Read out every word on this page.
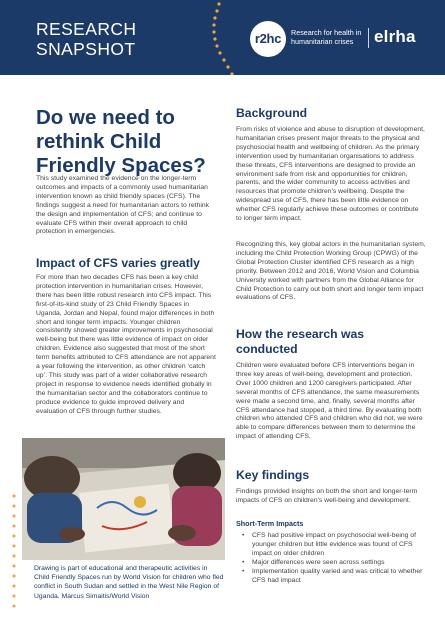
RESEARCH
SNAPSHOT
r2hc	Research for health in humanitarian crises	elrha
Do we need to rethink Child Friendly Spaces?

This study examined the evidence on the longer-term outcomes and impacts of a commonly used humanitarian intervention known as child friendly spaces (CFS). The findings suggest a need for humanitarian actors to rethink the design and implementation of CFS; and continue to evaluate CFS within their overall approach to child protection in emergencies.

Impact of CFS varies greatly

For more than two decades CFS has been a key child protection intervention in humanitarian crises. However, there has been little robust research into CFS impact. This first-of-its-kind study of 23 Child Friendly Spaces in Uganda, Jordan and Nepal, found major differences in both short and longer term impacts. Younger children consistently showed greater improvements in psychosocial well-being but there was little evidence of impact on older children. Evidence also suggested that most of the short term benefits attributed to CFS attendance are not apparent a year following the intervention, as other children ‘catch up’. This study was part of a wider collaborative research project in response to evidence needs identified globally in the humanitarian sector and the collaborators continue to produce evidence to guide improved delivery and evaluation of CFS through further studies.

Drawing is part of educational and therapeutic activities in Child Friendly Spaces run by World Vision for children who fled conflict in South Sudan and settled in the West Nile Region of Uganda. Marcus Simaitis/World Vision

Background

From risks of violence and abuse to disruption of development, humanitarian crises present major threats to the physical and psychosocial health and wellbeing of children. As the primary intervention used by humanitarian organisations to address these threats, CFS interventions are designed to provide an environment safe from risk and opportunities for children, parents, and the wider community to access activities and resources that promote children's wellbeing. Despite the widespread use of CFS, there has been little evidence on whether CFS regularly achieve these outcomes or contribute to longer term impact.

Recognizing this, key global actors in the humanitarian system, including the Child Protection Working Group (CPWG) of the Global Protection Cluster identified CFS research as a high priority. Between 2012 and 2016, World Vision and Columbia University worked with partners from the Global Alliance for Child Protection to carry out both short and longer term impact evaluations of CFS.

How the research was conducted

Children were evaluated before CFS interventions began in three key areas of well-being, development and protection. Over 1000 children and 1200 caregivers participated. After several months of CFS attendance, the same measurements were made a second time, and, finally, several months after CFS attendance had stopped, a third time. By evaluating both children who attended CFS and children who did not, we were able to compare differences between them to determine the impact of attending CFS.

Key findings

Findings provided insights on both the short and longer-term impacts of CFS on children's well-being and development.

Short-Term Impacts
• CFS had positive impact on psychosocial well-being of younger children but little evidence was found of CFS impact on older children
• Major differences were seen across settings
• Implementation quality varied and was critical to whether CFS had impact
